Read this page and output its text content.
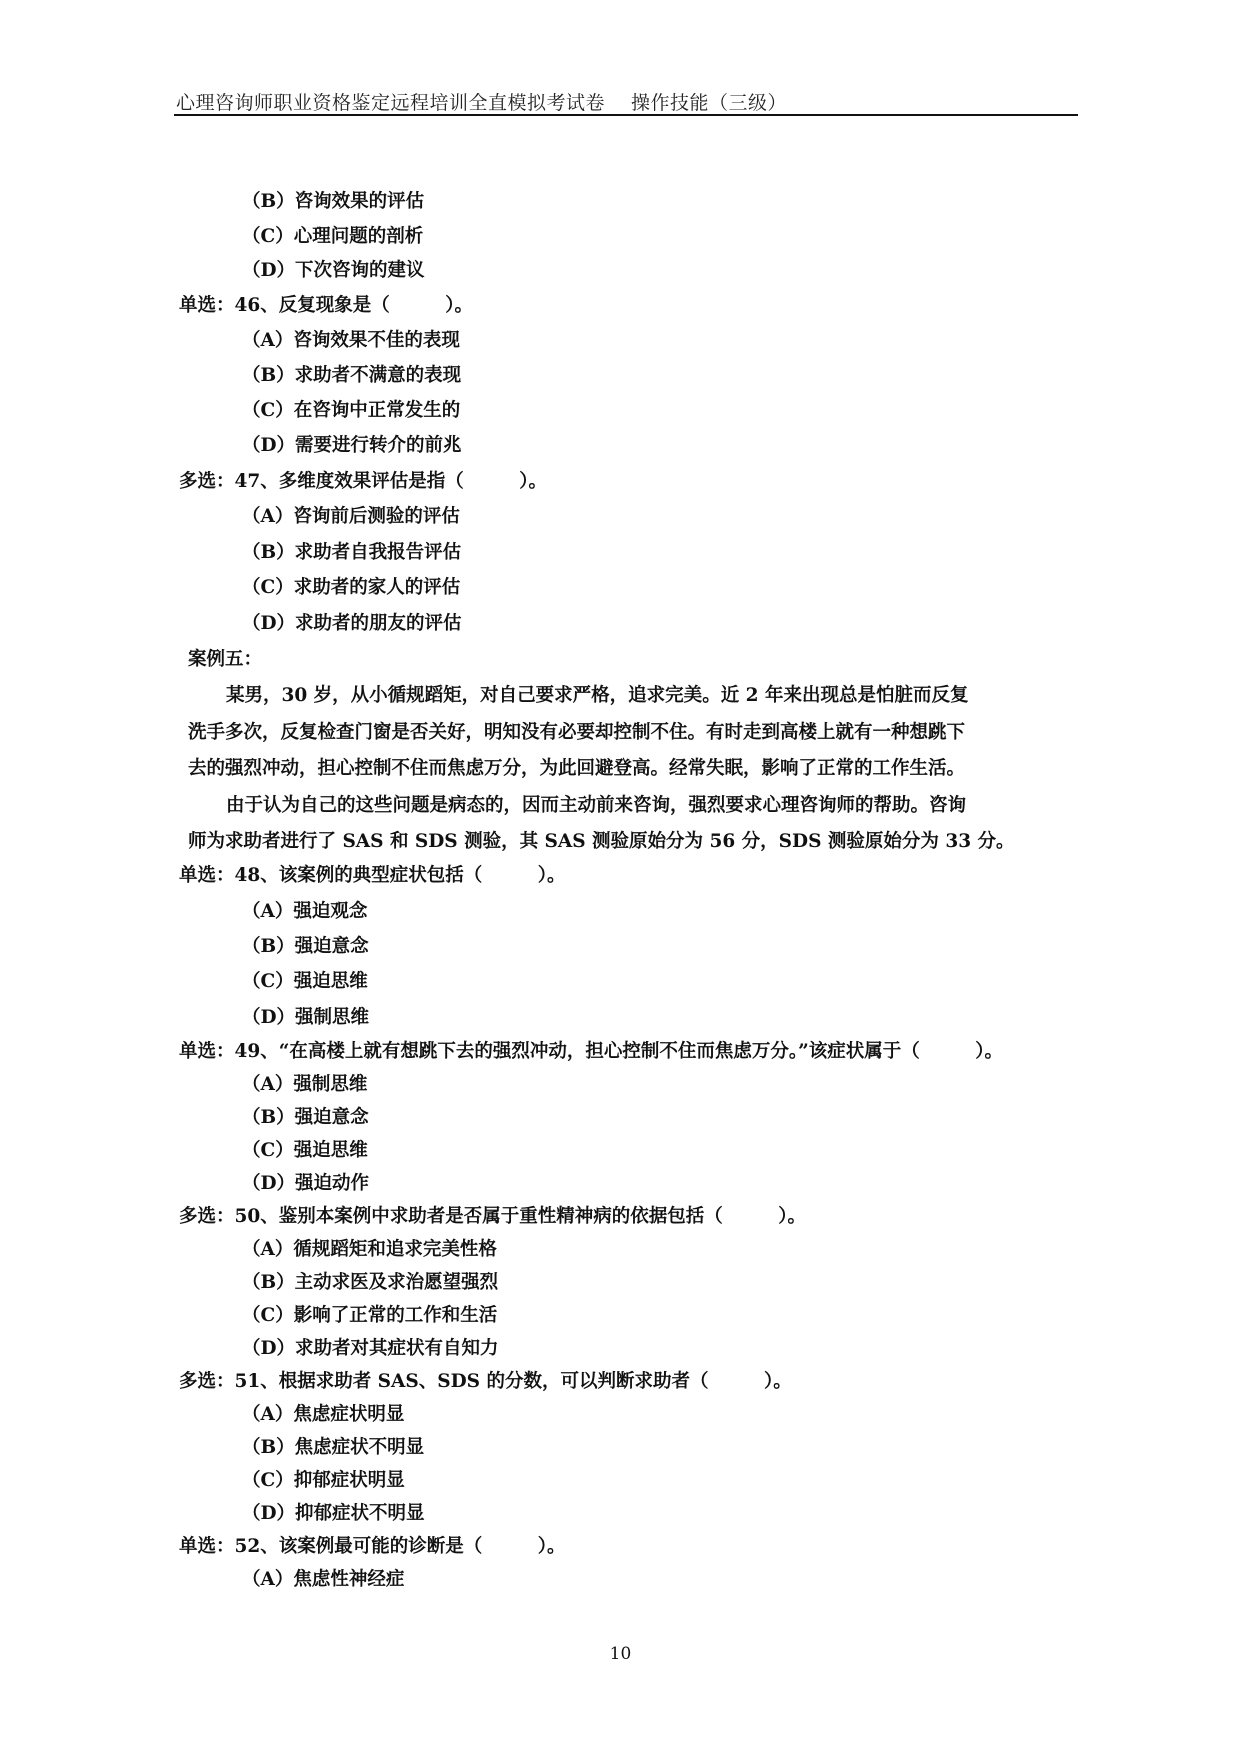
心理咨询师职业资格鉴定远程培训全直模拟考试卷 操作技能（三级）
（B）咨询效果的评估
（C）心理问题的剖析
（D）下次咨询的建议
单选：46、反复现象是（　　　）。
（A）咨询效果不佳的表现
（B）求助者不满意的表现
（C）在咨询中正常发生的
（D）需要进行转介的前兆
多选：47、多维度效果评估是指（　　　）。
（A）咨询前后测验的评估
（B）求助者自我报告评估
（C）求助者的家人的评估
（D）求助者的朋友的评估
案例五：
某男，30 岁，从小循规蹈矩，对自己要求严格，追求完美。近 2 年来出现总是怕脏而反复
洗手多次，反复检查门窗是否关好，明知没有必要却控制不住。有时走到高楼上就有一种想跳下
去的强烈冲动，担心控制不住而焦虑万分，为此回避登高。经常失眠，影响了正常的工作生活。
由于认为自己的这些问题是病态的，因而主动前来咨询，强烈要求心理咨询师的帮助。咨询
师为求助者进行了 SAS 和 SDS 测验，其 SAS 测验原始分为 56 分，SDS 测验原始分为 33 分。
单选：48、该案例的典型症状包括（　　　）。
（A）强迫观念
（B）强迫意念
（C）强迫思维
（D）强制思维
单选：49、“在高楼上就有想跳下去的强烈冲动，担心控制不住而焦虑万分。”该症状属于（　　　）。
（A）强制思维
（B）强迫意念
（C）强迫思维
（D）强迫动作
多选：50、鉴别本案例中求助者是否属于重性精神病的依据包括（　　　）。
（A）循规蹈矩和追求完美性格
（B）主动求医及求治愿望强烈
（C）影响了正常的工作和生活
（D）求助者对其症状有自知力
多选：51、根据求助者 SAS、SDS 的分数，可以判断求助者（　　　）。
（A）焦虑症状明显
（B）焦虑症状不明显
（C）抑郁症状明显
（D）抑郁症状不明显
单选：52、该案例最可能的诊断是（　　　）。
（A）焦虑性神经症
10
